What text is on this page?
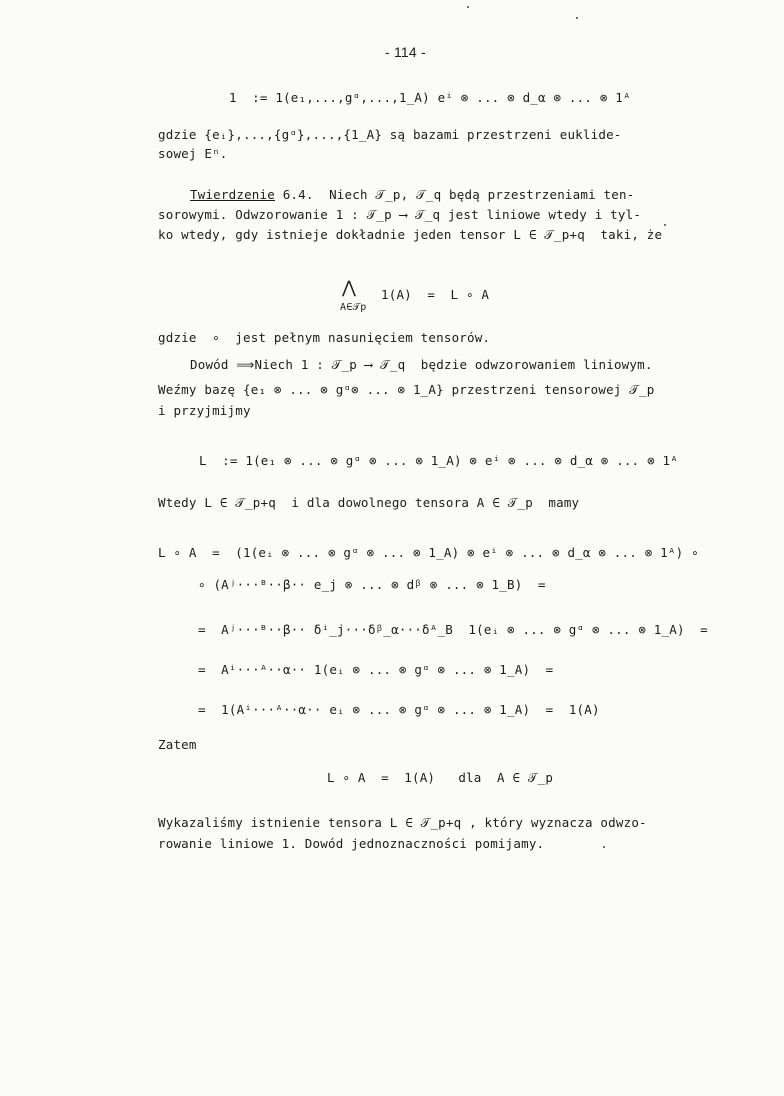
- 114 -
1  := 1(e₁,...,gᵅ,...,1_A) eⁱ ⊗ ... ⊗ d_α ⊗ ... ⊗ 1ᴬ
gdzie {eᵢ},...,{gᵅ},...,{1_A} są bazami przestrzeni euklide-
sowej Eⁿ.
Twierdzenie 6.4.  Niech 𝒯_p, 𝒯_q będą przestrzeniami ten-
sorowymi. Odwzorowanie 1 : 𝒯_p ⟶ 𝒯_q jest liniowe wtedy i tyl-
ko wtedy, gdy istnieje dokładnie jeden tensor L ∈ 𝒯_p+q  taki, że
⋀
A∈𝒯p
1(A)  =  L ∘ A
gdzie  ∘  jest pełnym nasunięciem tensorów.
Dowód ⟹Niech 1 : 𝒯_p ⟶ 𝒯_q  będzie odwzorowaniem liniowym.
Weźmy bazę {e₁ ⊗ ... ⊗ gᵅ⊗ ... ⊗ 1_A} przestrzeni tensorowej 𝒯_p
i przyjmijmy
L  := 1(e₁ ⊗ ... ⊗ gᵅ ⊗ ... ⊗ 1_A) ⊗ eⁱ ⊗ ... ⊗ d_α ⊗ ... ⊗ 1ᴬ
Wtedy L ∈ 𝒯_p+q  i dla dowolnego tensora A ∈ 𝒯_p  mamy
L ∘ A  =  (1(eᵢ ⊗ ... ⊗ gᵅ ⊗ ... ⊗ 1_A) ⊗ eⁱ ⊗ ... ⊗ d_α ⊗ ... ⊗ 1ᴬ) ∘
∘ (Aʲ···ᴮ··β·· e_j ⊗ ... ⊗ dᵝ ⊗ ... ⊗ 1_B)  =
=  Aʲ···ᴮ··β·· δⁱ_j···δᵝ_α···δᴬ_B  1(eᵢ ⊗ ... ⊗ gᵅ ⊗ ... ⊗ 1_A)  =
=  Aⁱ···ᴬ··α·· 1(eᵢ ⊗ ... ⊗ gᵅ ⊗ ... ⊗ 1_A)  =
=  1(Aⁱ···ᴬ··α·· eᵢ ⊗ ... ⊗ gᵅ ⊗ ... ⊗ 1_A)  =  1(A)
Zatem
L ∘ A  =  1(A)   dla  A ∈ 𝒯_p
Wykazaliśmy istnienie tensora L ∈ 𝒯_p+q , który wyznacza odwzo-
rowanie liniowe 1. Dowód jednoznaczności pomijamy.
